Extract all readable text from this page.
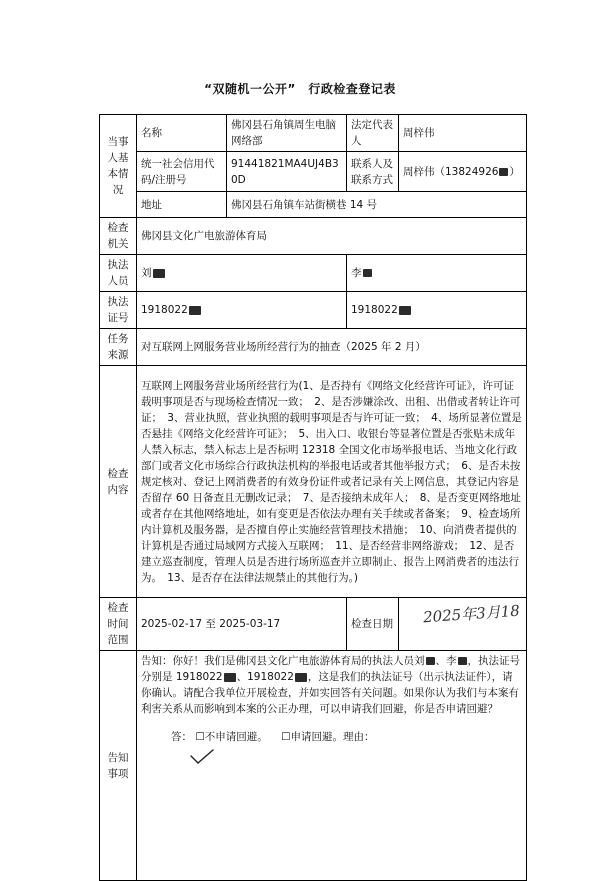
“双随机一公开”　行政检查登记表
当事人基本情况	名称	佛冈县石角镇周生电脑网络部	法定代表人	周梓伟
	统一社会信用代码/注册号	91441821MA4UJ4B30D	联系人及联系方式	周梓伟（13824926 ）
	地址	佛冈县石角镇车站街横巷 14 号		
检查机关	佛冈县文化广电旅游体育局			
执法人员	刘		李	
执法证号	1918022		1918022	
任务来源	对互联网上网服务营业场所经营行为的抽查（2025 年 2 月）			
检查内容	互联网上网服务营业场所经营行为(1、是否持有《网络文化经营许可证》，许可证载明事项是否与现场检查情况一致；　2、是否涉嫌涂改、出租、出借或者转让许可证；　3、营业执照，营业执照的载明事项是否与许可证一致；　4、场所显著位置是否悬挂《网络文化经营许可证》；　5、出入口、收银台等显著位置是否张贴未成年人禁入标志，禁入标志上是否标明 12318 全国文化市场举报电话、当地文化行政部门或者文化市场综合行政执法机构的举报电话或者其他举报方式；　6、是否未按规定核对、登记上网消费者的有效身份证件或者记录有关上网信息，其登记内容是否留存 60 日备查且无删改记录；　7、是否接纳未成年人；　8、是否变更网络地址或者存在其他网络地址，如有变更是否依法办理有关手续或者备案；　9、检查场所内计算机及服务器，是否擅自停止实施经营管理技术措施；　10、向消费者提供的计算机是否通过局域网方式接入互联网；　11、是否经营非网络游戏；　12、是否建立巡查制度，管理人员是否进行场所巡查并立即制止、报告上网消费者的违法行为。　13、是否存在法律法规禁止的其他行为。)			
检查时间范围	2025-02-17 至 2025-03-17		检查日期	2025年3月18

告知事项	告知：你好！我们是佛冈县文化广电旅游体育局的执法人员刘 、李 ，执法证号分别是 1918022 、1918022 ，这是我们的执法证号（出示执法证件），请你确认。请配合我单位开展检查，并如实回答有关问题。如果你认为我们与本案有利害关系从而影响到本案的公正办理，可以申请我们回避，你是否申请回避？
答： ☐不申请回避。 ☐申请回避。理由：			
